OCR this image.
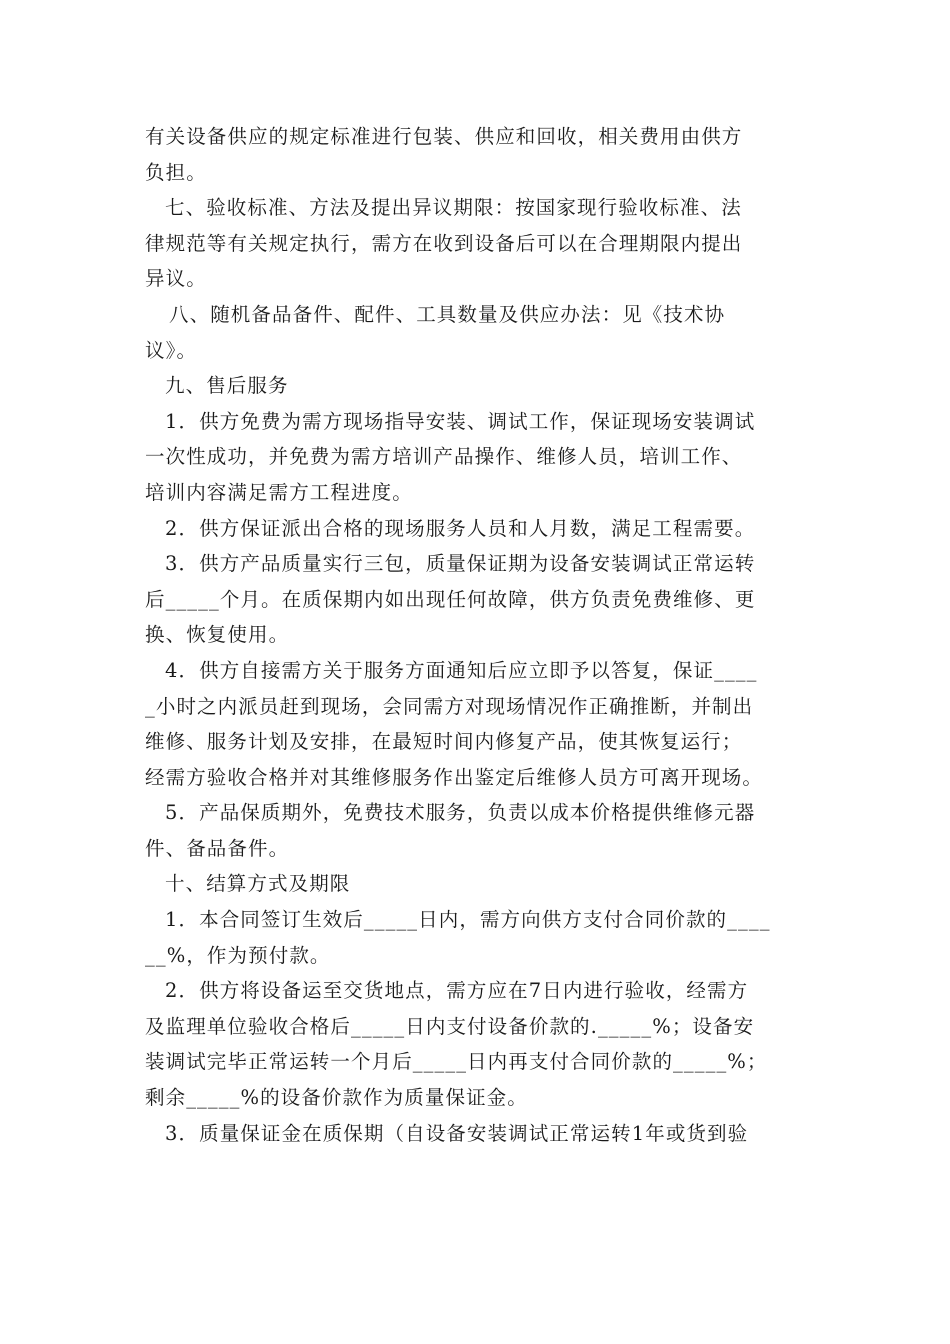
有关设备供应的规定标准进行包装、供应和回收，相关费用由供方
负担。
七、验收标准、方法及提出异议期限：按国家现行验收标准、法
律规范等有关规定执行，需方在收到设备后可以在合理期限内提出
异议。
八、随机备品备件、配件、工具数量及供应办法：见《技术协
议》。
九、售后服务
1．供方免费为需方现场指导安装、调试工作，保证现场安装调试
一次性成功，并免费为需方培训产品操作、维修人员，培训工作、
培训内容满足需方工程进度。
2．供方保证派出合格的现场服务人员和人月数，满足工程需要。
3．供方产品质量实行三包，质量保证期为设备安装调试正常运转
后_____个月。在质保期内如出现任何故障，供方负责免费维修、更
换、恢复使用。
4．供方自接需方关于服务方面通知后应立即予以答复，保证____
_小时之内派员赶到现场，会同需方对现场情况作正确推断，并制出
维修、服务计划及安排，在最短时间内修复产品，使其恢复运行；
经需方验收合格并对其维修服务作出鉴定后维修人员方可离开现场。
5．产品保质期外，免费技术服务，负责以成本价格提供维修元器
件、备品备件。
十、结算方式及期限
1．本合同签订生效后_____日内，需方向供方支付合同价款的____
__%，作为预付款。
2．供方将设备运至交货地点，需方应在7日内进行验收，经需方
及监理单位验收合格后_____日内支付设备价款的._____%；设备安
装调试完毕正常运转一个月后_____日内再支付合同价款的_____%；
剩余_____%的设备价款作为质量保证金。
3．质量保证金在质保期（自设备安装调试正常运转1年或货到验
